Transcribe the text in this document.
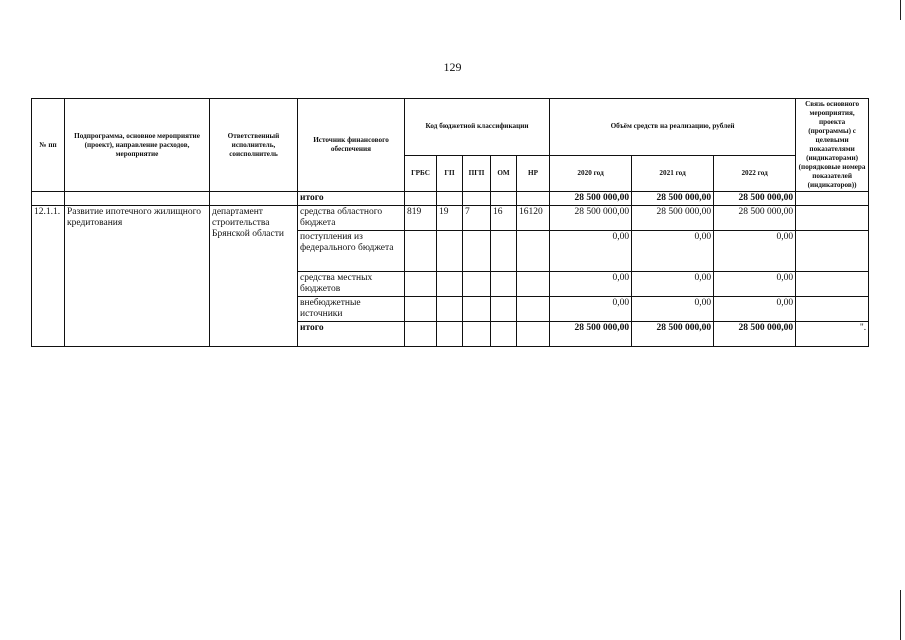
129
№ пп	Подпрограмма, основное мероприятие (проект), направление расходов, мероприятие	Ответственный исполнитель, соисполнитель	Источник финансового обеспечения	Код бюджетной классификации					Объём средств на реализацию, рублей			Связь основного мероприятия, проекта (программы) с целевыми показателями (индикаторами) (порядковые номера показателей (индикаторов))
				ГРБС	ГП	ПГП	ОМ	НР	2020 год	2021 год	2022 год	
			итого						28 500 000,00	28 500 000,00	28 500 000,00	
12.1.1.	Развитие ипотечного жилищного кредитования	департамент строительства Брянской области	средства областного бюджета	819	19	7	16	16120	28 500 000,00	28 500 000,00	28 500 000,00	
			поступления из федерального бюджета						0,00	0,00	0,00	
			средства местных бюджетов						0,00	0,00	0,00	
			внебюджетные источники						0,00	0,00	0,00	
			итого						28 500 000,00	28 500 000,00	28 500 000,00	".
